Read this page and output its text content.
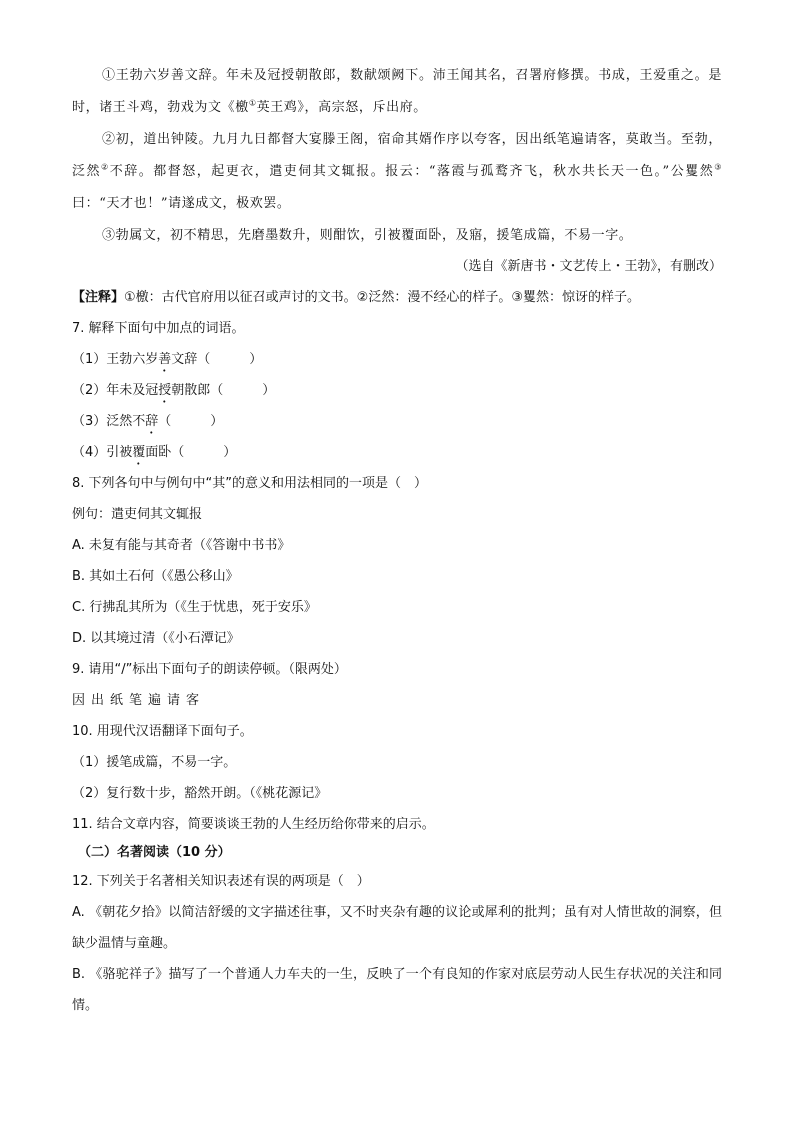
①王勃六岁善文辞。年未及冠授朝散郎，数献颂阙下。沛王闻其名，召署府修撰。书成，王爱重之。是时，诸王斗鸡，勃戏为文《檄①英王鸡》，高宗怒，斥出府。

②初，道出钟陵。九月九日都督大宴滕王阁，宿命其婿作序以夸客，因出纸笔遍请客，莫敢当。至勃，泛然②不辞。都督怒，起更衣，遣吏伺其文辄报。报云：“落霞与孤鹜齐飞，秋水共长天一色。”公矍然③曰：“天才也！”请遂成文，极欢罢。

③勃属文，初不精思，先磨墨数升，则酣饮，引被覆面卧，及寤，援笔成篇，不易一字。

（选自《新唐书・文艺传上・王勃》，有删改）

【注释】①檄：古代官府用以征召或声讨的文书。②泛然：漫不经心的样子。③矍然：惊讶的样子。

7. 解释下面句中加点的词语。

（1）王勃六岁善文辞（　　　）

（2）年未及冠授朝散郎（　　　）

（3）泛然不辞（　　　）

（4）引被覆面卧（　　　）

8. 下列各句中与例句中“其”的意义和用法相同的一项是（　）

例句：遣吏伺其文辄报

A. 未复有能与其奇者（《答谢中书书》

B. 其如土石何（《愚公移山》

C. 行拂乱其所为（《生于忧患，死于安乐》

D. 以其境过清（《小石潭记》

9. 请用“/”标出下面句子的朗读停顿。（限两处）

因出纸笔遍请客

10. 用现代汉语翻译下面句子。

（1）援笔成篇，不易一字。

（2）复行数十步，豁然开朗。（《桃花源记》

11. 结合文章内容，简要谈谈王勃的人生经历给你带来的启示。

（二）名著阅读（10 分）

12. 下列关于名著相关知识表述有误的两项是（　）

A. 《朝花夕拾》以简洁舒缓的文字描述往事，又不时夹杂有趣的议论或犀利的批判；虽有对人情世故的洞察，但缺少温情与童趣。

B. 《骆驼祥子》描写了一个普通人力车夫的一生，反映了一个有良知的作家对底层劳动人民生存状况的关注和同情。
